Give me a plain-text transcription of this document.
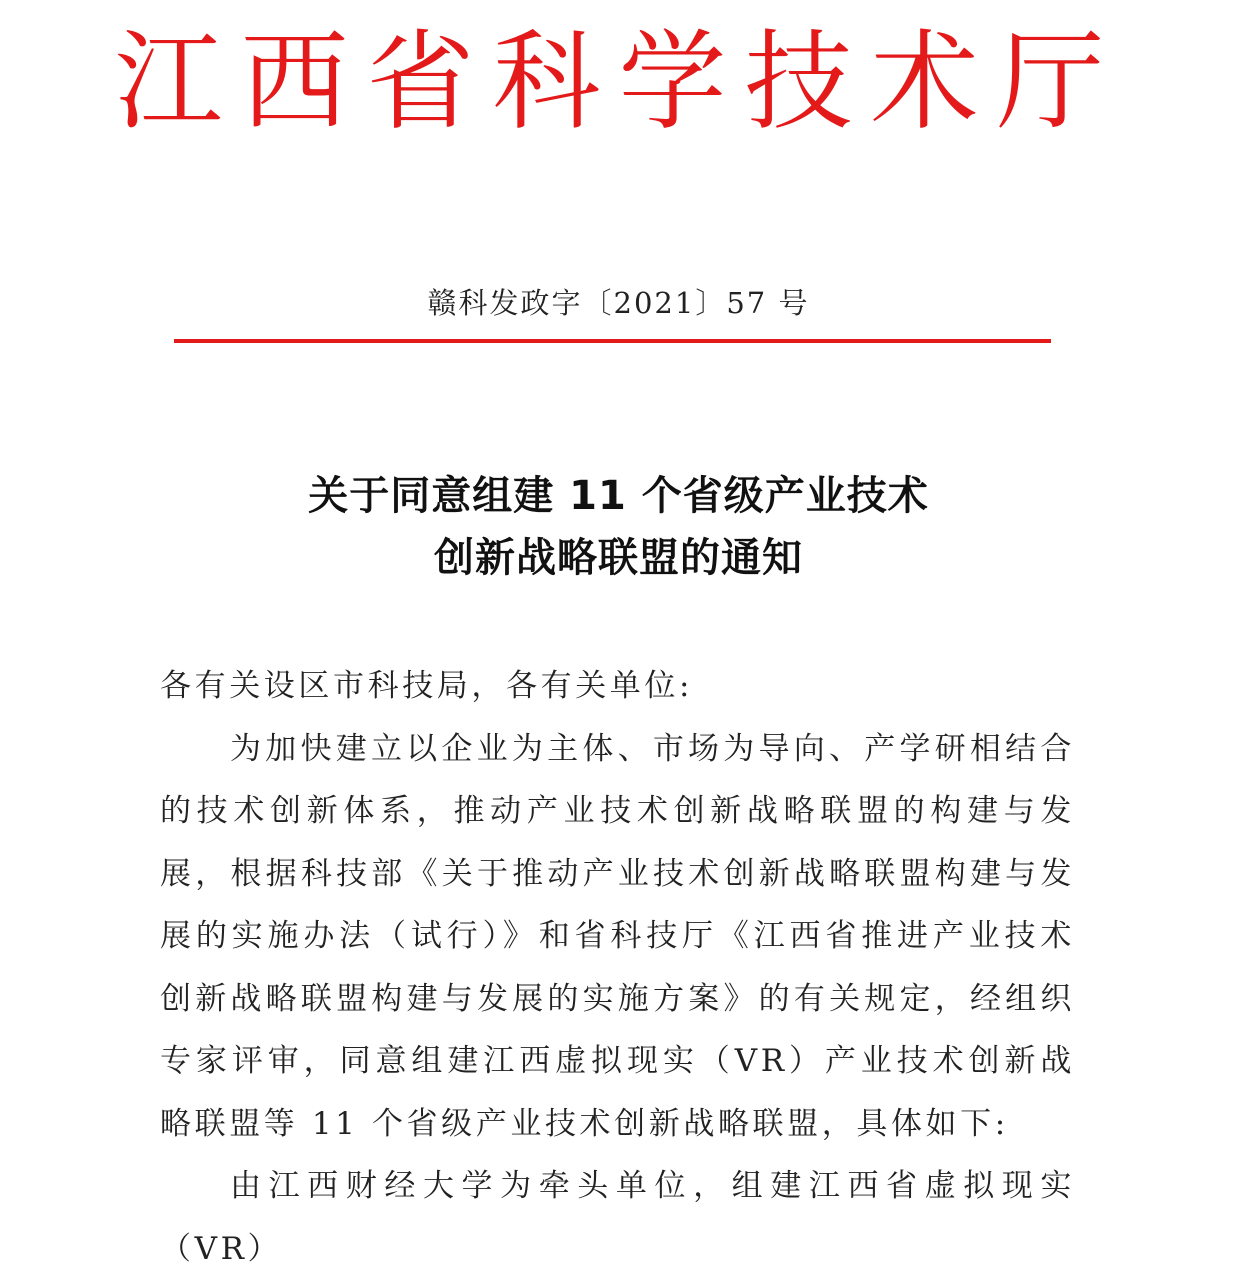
江西省科学技术厅
赣科发政字〔2021〕57 号
关于同意组建 11 个省级产业技术
创新战略联盟的通知

各有关设区市科技局，各有关单位:

为加快建立以企业为主体、市场为导向、产学研相结合的技术创新体系，推动产业技术创新战略联盟的构建与发展，根据科技部《关于推动产业技术创新战略联盟构建与发展的实施办法（试行）》和省科技厅《江西省推进产业技术创新战略联盟构建与发展的实施方案》的有关规定，经组织专家评审，同意组建江西虚拟现实（VR）产业技术创新战略联盟等 11 个省级产业技术创新战略联盟，具体如下:

由江西财经大学为牵头单位，组建江西省虚拟现实（VR）
